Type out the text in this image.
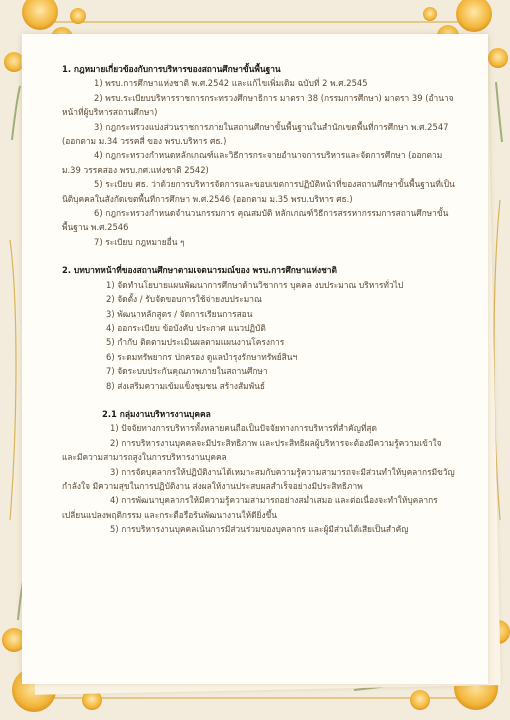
1. กฎหมายเกี่ยวข้องกับการบริหารของสถานศึกษาขั้นพื้นฐาน

1) พรบ.การศึกษาแห่งชาติ พ.ศ.2542 และแก้ไขเพิ่มเติม ฉบับที่ 2 พ.ศ.2545

2) พรบ.ระเบียบบริหารราชการกระทรวงศึกษาธิการ มาตรา 38 (กรรมการศึกษา) มาตรา 39 (อำนาจหน้าที่ผู้บริหารสถานศึกษา)

3) กฎกระทรวงแบ่งส่วนราชการภายในสถานศึกษาขั้นพื้นฐานในสำนักเขตพื้นที่การศึกษา พ.ศ.2547 (ออกตาม ม.34 วรรคสี่ ของ พรบ.บริหาร ศธ.)

4) กฎกระทรวงกำหนดหลักเกณฑ์และวิธีการกระจายอำนาจการบริหารและจัดการศึกษา (ออกตาม ม.39 วรรคสอง พรบ.กศ.แห่งชาติ 2542)

5) ระเบียบ ศธ. ว่าด้วยการบริหารจัดการและขอบเขตการปฏิบัติหน้าที่ของสถานศึกษาขั้นพื้นฐานที่เป็นนิติบุคคลในสังกัดเขตพื้นที่การศึกษา พ.ศ.2546 (ออกตาม ม.35 พรบ.บริหาร ศธ.)

6) กฎกระทรวงกำหนดจำนวนกรรมการ คุณสมบัติ หลักเกณฑ์วิธีการสรรหากรรมการสถานศึกษาขั้นพื้นฐาน พ.ศ.2546

7) ระเบียบ กฎหมายอื่น ๆ

2. บทบาทหน้าที่ของสถานศึกษาตามเจตนารมณ์ของ พรบ.การศึกษาแห่งชาติ

1) จัดทำนโยบายแผนพัฒนาการศึกษาด้านวิชาการ บุคคล งบประมาณ บริหารทั่วไป
2) จัดตั้ง / รับจัดขอบการใช้จ่ายงบประมาณ
3) พัฒนาหลักสูตร / จัดการเรียนการสอน
4) ออกระเบียบ ข้อบังคับ ประกาศ แนวปฏิบัติ
5) กำกับ ติดตามประเมินผลตามแผนงานโครงการ
6) ระดมทรัพยากร ปกครอง ดูแลบำรุงรักษาทรัพย์สินฯ
7) จัดระบบประกันคุณภาพภายในสถานศึกษา
8) ส่งเสริมความเข้มแข็งชุมชน สร้างสัมพันธ์

2.1 กลุ่มงานบริหารงานบุคคล

1) ปัจจัยทางการบริหารทั้งหลายคนถือเป็นปัจจัยทางการบริหารที่สำคัญที่สุด

2) การบริหารงานบุคคลจะมีประสิทธิภาพ และประสิทธิผลผู้บริหารจะต้องมีความรู้ความเข้าใจ และมีความสามารถสูงในการบริหารงานบุคคล

3) การจัดบุคลากรให้ปฏิบัติงานได้เหมาะสมกับความรู้ความสามารถจะมีส่วนทำให้บุคลากรมีขวัญกำลังใจ มีความสุขในการปฏิบัติงาน ส่งผลให้งานประสบผลสำเร็จอย่างมีประสิทธิภาพ

4) การพัฒนาบุคลากรให้มีความรู้ความสามารถอย่างสม่ำเสมอ และต่อเนื่องจะทำให้บุคลากร เปลี่ยนแปลงพฤติกรรม และกระตือรือร้นพัฒนางานให้ดียิ่งขึ้น

5) การบริหารงานบุคคลเน้นการมีส่วนร่วมของบุคลากร และผู้มีส่วนได้เสียเป็นสำคัญ
